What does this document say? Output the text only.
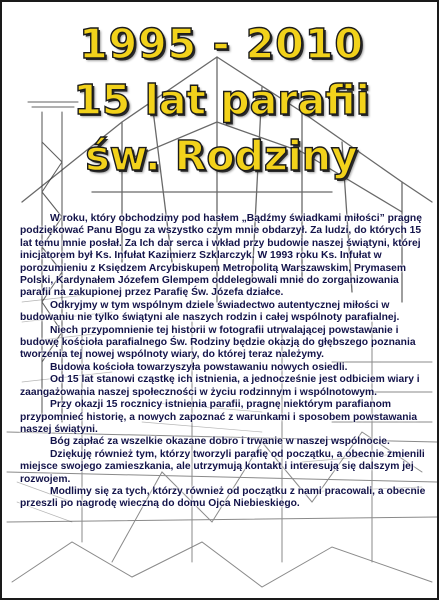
1995 - 2010
15 lat parafii
św. Rodziny

W roku, który obchodzimy pod hasłem „Bądźmy świadkami miłości” pragnę podziękować Panu Bogu za wszystko czym mnie obdarzył. Za ludzi, do których 15 lat temu mnie posłał. Za Ich dar serca i wkład przy budowie naszej świątyni, której inicjatorem był Ks. Infułat Kazimierz Szklarczyk. W 1993 roku Ks. Infułat w porozumieniu z Księdzem Arcybiskupem Metropolitą Warszawskim, Prymasem Polski, Kardynałem Józefem Glempem oddelegowali mnie do zorganizowania parafii na zakupionej przez Parafię Św. Józefa działce.

Odkryjmy w tym wspólnym dziele świadectwo autentycznej miłości w budowaniu nie tylko świątyni ale naszych rodzin i całej wspólnoty parafialnej.

Niech przypomnienie tej historii w fotografii utrwalającej powstawanie i budowę kościoła parafialnego Św. Rodziny będzie okazją do głębszego poznania tworzenia tej nowej wspólnoty wiary, do której teraz należymy.

Budowa kościoła towarzyszyła powstawaniu nowych osiedli.

Od 15 lat stanowi cząstkę ich istnienia, a jednocześnie jest odbiciem wiary i zaangażowania naszej społeczności w życiu rodzinnym i wspólnotowym.

Przy okazji 15 rocznicy istnienia parafii, pragnę niektórym parafianom przypomnieć historię, a nowych zapoznać z warunkami i sposobem powstawania naszej świątyni.

Bóg zapłać za wszelkie okazane dobro i trwanie w naszej wspólnocie.

Dziękuję również tym, którzy tworzyli parafię od początku, a obecnie zmienili miejsce swojego zamieszkania, ale utrzymują kontakt i interesują się dalszym jej rozwojem.

Modlimy się za tych, którzy również od początku z nami pracowali, a obecnie przeszli po nagrodę wieczną do domu Ojca Niebieskiego.
